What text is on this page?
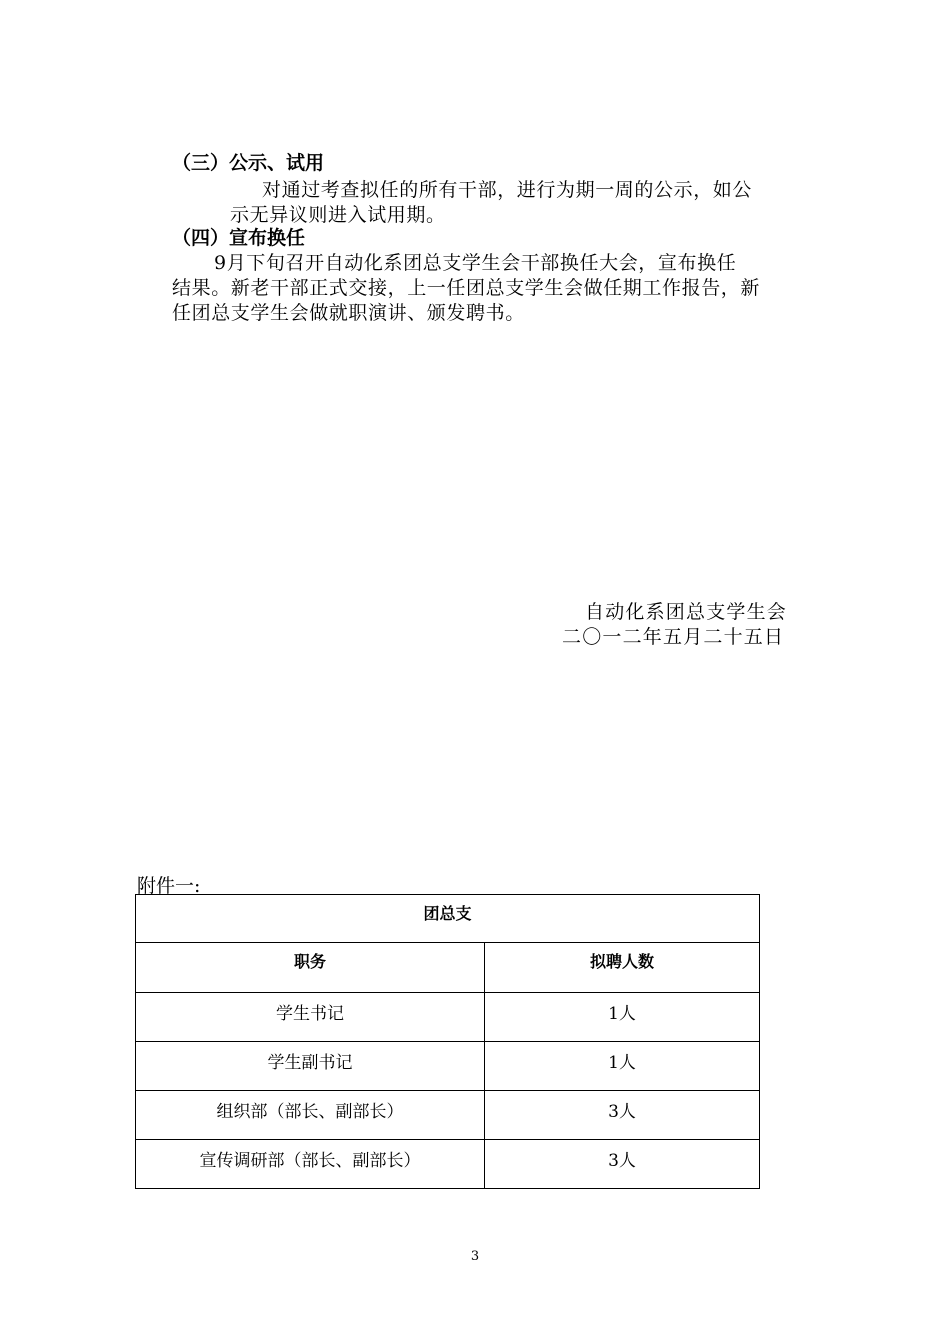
（三）公示、试用
对通过考查拟任的所有干部，进行为期一周的公示，如公
示无异议则进入试用期。
（四）宣布换任
9月下旬召开自动化系团总支学生会干部换任大会，宣布换任
结果。新老干部正式交接，上一任团总支学生会做任期工作报告，新
任团总支学生会做就职演讲、颁发聘书。
自动化系团总支学生会
二〇一二年五月二十五日
附件一:
团总支	
职务	拟聘人数
学生书记	1人
学生副书记	1人
组织部（部长、副部长）	3人
宣传调研部（部长、副部长）	3人
3
